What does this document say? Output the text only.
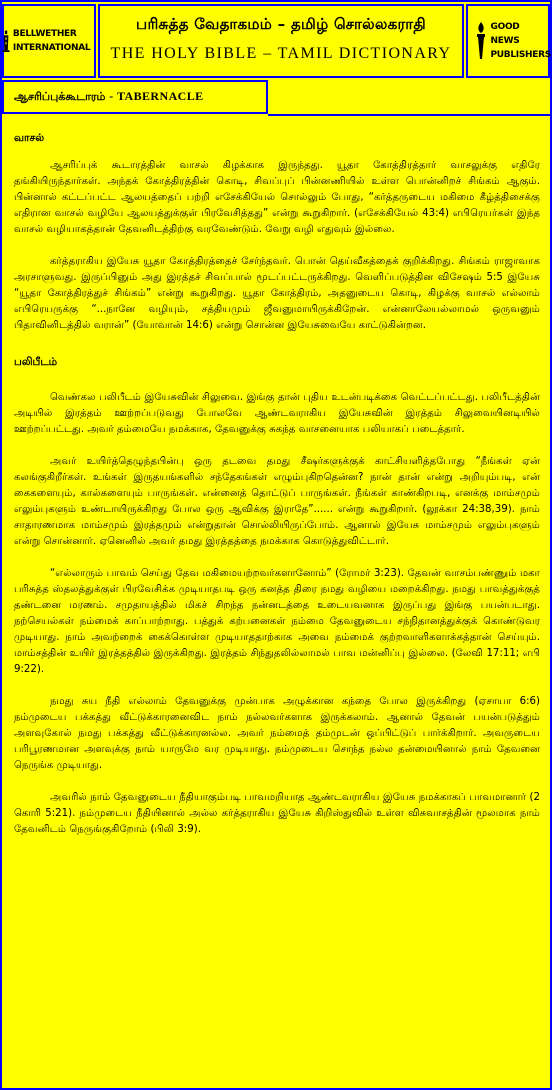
BELLWETHER INTERNATIONAL
பரிசுத்த வேதாகமம் – தமிழ் சொல்லகராதி
THE HOLY BIBLE – TAMIL DICTIONARY
GOOD NEWS PUBLISHERS
ஆசரிப்புக்கூடாரம் - TABERNACLE
வாசல்

ஆசரிப்புக் கூடாரத்தின் வாசல் கிழக்காக இருந்தது. யூதா கோத்திரத்தார் வாசலுக்கு எதிரே தங்கியிருந்தார்கள். அந்தக் கோத்திரத்தின் கொடி, சிவப்புப் பின்னணியில் உள்ள பொன்னிறச் சிங்கம் ஆகும். பின்னால் கட்டப்பட்ட ஆலயத்தைப் பற்றி எசேக்கியேல் சொல்லும் போது, “கர்த்தருடைய மகிமை கீழ்த்திசைக்கு எதிரான வாசல் வழியே ஆலயத்துக்குள் பிரவேசித்தது” என்று கூறுகிறார். (எசேக்கியேல் 43:4) எபிரெயர்கள் இந்த வாசல் வழியாகத்தான் தேவனிடத்திற்கு வரவேண்டும். வேறு வழி எதுவும் இல்லை.

கர்த்தராகிய இயேசு யூதா கோத்திரத்தைச் சேர்ந்தவர். பொன் தெய்வீகத்தைக் குறிக்கிறது. சிங்கம் ராஜாவாக அரசாளுவது. இருப்பினும் அது இரத்தச் சிவப்பால் மூடப்பட்டருக்கிறது. வெளிப்படுத்தின விசேஷம் 5:5 இயேசு “யூதா கோத்திரத்துச் சிங்கம்” என்று கூறுகிறது. யூதா கோத்திரம், அதனுடைய கொடி, கிழக்கு வாசல் எல்லாம் எபிரெயருக்கு “...நானே வழியும், சத்தியமும் ஜீவனுமாயிருக்கிறேன். என்னாலேயல்லாமல் ஒருவனும் பிதாவினிடத்தில் வரான்” (யோவான் 14:6) என்று சொன்ன இயேசுவையே காட்டுகின்றன.

பலிபீடம்

வெண்கல பலிபீடம் இயேசுவின் சிலுவை. இங்கு தான் புதிய உடன்படிக்கை வெட்டப்பட்டது. பலிபீடத்தின் அடியில் இரத்தம் ஊற்றப்படுவது போலவே ஆண்டவராகிய இயேசுவின் இரத்தம் சிலுவையினடியில் ஊற்றப்பட்டது. அவர் தம்மையே நமக்காக, தேவனுக்கு சுகந்த வாசனையாக பலியாகப் படைத்தார்.

அவர் உயிர்த்தெழுந்தபின்பு ஒரு தடவை தமது சீஷர்களுக்குக் காட்சியளித்தபோது “நீங்கள் ஏன் கலங்குகிறீர்கள். உங்கள் இருதயங்களில் சந்தேகங்கள் எழும்புகிறதென்ன? நான் தான் என்று அறியும்படி, என் கைகளையும், கால்களையும் பாருங்கள். என்னைத் தொட்டுப் பாருங்கள். நீங்கள் காண்கிறபடி, எனக்கு மாம்சமும் எலும்புகளும் உண்டாயிருக்கிறது போல ஒரு ஆவிக்கு இராதே”...... என்று கூறுகிறார். (லூக்கா 24:38,39). நாம் சாதாரணமாக மாம்சமும் இரத்தமும் என்றுதான் சொல்லியிருப்போம். ஆனால் இயேசு மாம்சமும் எலும்புகளும் என்று சொன்னார். ஏனெனில் அவர் தமது இரத்தத்தை நமக்காக கொடுத்துவிட்டார்.

“எல்லாரும் பாவம் செய்து தேவ மகிமையற்றவர்களானோம்” (ரோமர் 3:23). தேவன் வாசம்பண்ணும் மகா பரிசுத்த ஸ்தலத்துக்குள் பிரவேசிக்க முடியாதபடி ஒரு கனத்த திரை நமது வழியை மறைக்கிறது. நமது பாவத்துக்குத் தண்டனை மரணம். சமுதாயத்தில் மிகச் சிறந்த நன்னடத்தை உடையவனாக இருப்பது இங்கு பயன்படாது. நற்செயல்கள் நம்மைக் காப்பாற்றாது. பத்துக் கற்பனைகள் நம்மை தேவனுடைய சந்நிதானத்துக்குக் கொண்டுவர முடியாது. நாம் அவற்றைக் கைக்கொள்ள முடியாததாற்காக அவை நம்மைக் குற்றவாளிகளாக்கத்தான் செய்யும். மாம்சத்தின் உயிர் இரத்தத்தில் இருக்கிறது. இரத்தம் சிந்துதலில்லாமல் பாவ மன்னிப்பு இல்லை. (லேவி 17:11; எபி 9:22).

நமது சுய நீதி எல்லாம் தேவனுக்கு முன்பாக அழுக்கான கந்தை போல இருக்கிறது (ஏசாயா 6:6) நம்முடைய பக்கத்து வீட்டுக்காரனைவிட நாம் நல்லவர்களாக இருக்கலாம். ஆனால் தேவன் பயன்படுத்தும் அளவுகோல் நமது பக்கத்து வீட்டுக்காரனல்ல. அவர் நம்மைத் தம்முடன் ஒப்பிட்டுப் பார்க்கிறார். அவருடைய பரிபூரணமான அளவுக்கு நாம் யாருமே வர முடியாது. நம்முடைய சொந்த நல்ல தன்மையினால் நாம் தேவனை நெருங்க முடியாது.

அவரில் நாம் தேவனுடைய நீதியாகும்படி பாவமறியாத ஆண்டவராகிய இயேசு நமக்காகப் பாவமானார் (2 கொரி 5:21). நம்முடைய நீதியினால் அல்ல கர்த்தராகிய இயேசு கிறிஸ்துவில் உள்ள விசுவாசத்தின் மூலமாக நாம் தேவனிடம் நெருங்குகிறோம் (பிலி 3:9).
